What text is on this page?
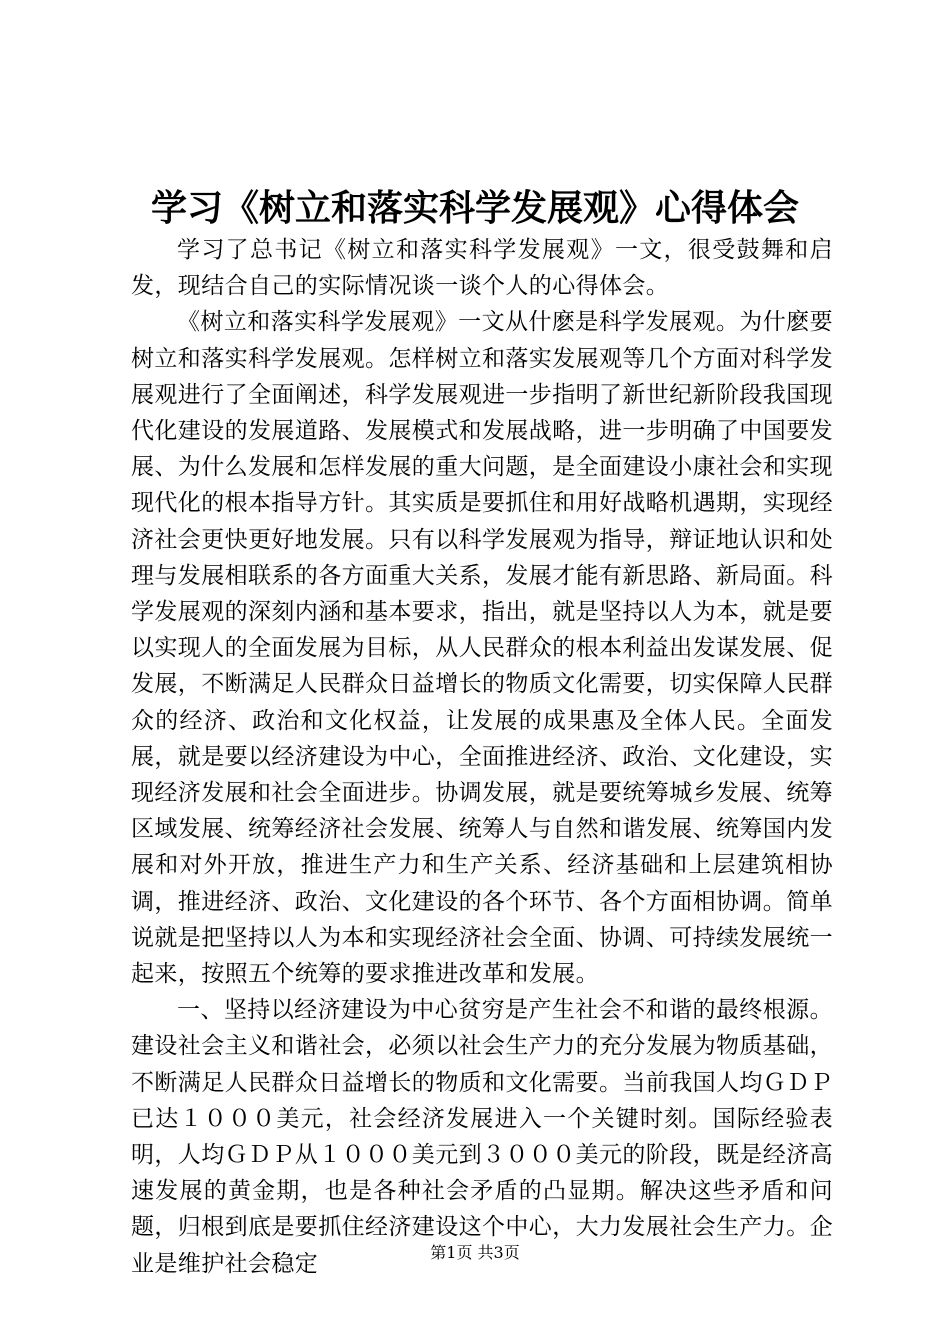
学习《树立和落实科学发展观》心得体会

学习了总书记《树立和落实科学发展观》一文，很受鼓舞和启发，现结合自己的实际情况谈一谈个人的心得体会。

《树立和落实科学发展观》一文从什麽是科学发展观。为什麽要树立和落实科学发展观。怎样树立和落实发展观等几个方面对科学发展观进行了全面阐述，科学发展观进一步指明了新世纪新阶段我国现代化建设的发展道路、发展模式和发展战略，进一步明确了中国要发展、为什么发展和怎样发展的重大问题，是全面建设小康社会和实现现代化的根本指导方针。其实质是要抓住和用好战略机遇期，实现经济社会更快更好地发展。只有以科学发展观为指导，辩证地认识和处理与发展相联系的各方面重大关系，发展才能有新思路、新局面。科学发展观的深刻内涵和基本要求，指出，就是坚持以人为本，就是要以实现人的全面发展为目标，从人民群众的根本利益出发谋发展、促发展，不断满足人民群众日益增长的物质文化需要，切实保障人民群众的经济、政治和文化权益，让发展的成果惠及全体人民。全面发展，就是要以经济建设为中心，全面推进经济、政治、文化建设，实现经济发展和社会全面进步。协调发展，就是要统筹城乡发展、统筹区域发展、统筹经济社会发展、统筹人与自然和谐发展、统筹国内发展和对外开放，推进生产力和生产关系、经济基础和上层建筑相协调，推进经济、政治、文化建设的各个环节、各个方面相协调。简单说就是把坚持以人为本和实现经济社会全面、协调、可持续发展统一起来，按照五个统筹的要求推进改革和发展。

一、坚持以经济建设为中心贫穷是产生社会不和谐的最终根源。建设社会主义和谐社会，必须以社会生产力的充分发展为物质基础，不断满足人民群众日益增长的物质和文化需要。当前我国人均ＧＤＰ已达１０００美元，社会经济发展进入一个关键时刻。国际经验表明，人均ＧＤＰ从１０００美元到３０００美元的阶段，既是经济高速发展的黄金期，也是各种社会矛盾的凸显期。解决这些矛盾和问题，归根到底是要抓住经济建设这个中心，大力发展社会生产力。企业是维护社会稳定	第1页 共3页
